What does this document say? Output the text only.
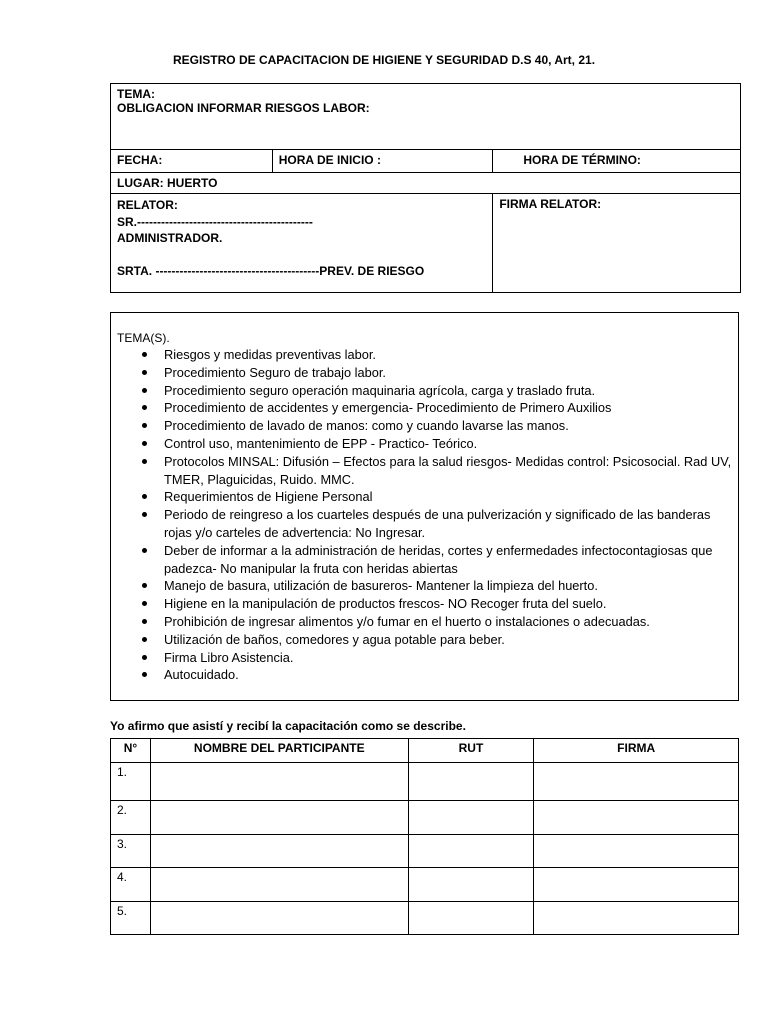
REGISTRO DE CAPACITACION DE HIGIENE Y SEGURIDAD D.S 40, Art, 21.
TEMA:
OBLIGACION INFORMAR RIESGOS LABOR:		

FECHA:	HORA DE INICIO :	HORA DE TÉRMINO:
LUGAR: HUERTO		

RELATOR:
SR.--------------------------------------------
ADMINISTRADOR.
SRTA. -----------------------------------------PREV. DE RIESGO		FIRMA RELATOR:
TEMA(S).
Riesgos y medidas preventivas labor.
Procedimiento Seguro de trabajo labor.
Procedimiento seguro operación maquinaria agrícola, carga y traslado fruta.
Procedimiento de accidentes y emergencia- Procedimiento de Primero Auxilios
Procedimiento de lavado de manos: como y cuando lavarse las manos.
Control uso, mantenimiento de EPP - Practico- Teórico.
Protocolos MINSAL: Difusión – Efectos para la salud riesgos- Medidas control: Psicosocial. Rad UV, TMER, Plaguicidas, Ruido. MMC.
Requerimientos de Higiene Personal
Periodo de reingreso a los cuarteles después de una pulverización y significado de las banderas rojas y/o carteles de advertencia: No Ingresar.
Deber de informar a la administración de heridas, cortes y enfermedades infectocontagiosas que padezca- No manipular la fruta con heridas abiertas
Manejo de basura, utilización de basureros- Mantener la limpieza del huerto.
Higiene en la manipulación de productos frescos- NO Recoger fruta del suelo.
Prohibición de ingresar alimentos y/o fumar en el huerto o instalaciones o adecuadas.
Utilización de baños, comedores y agua potable para beber.
Firma Libro Asistencia.
Autocuidado.
Yo afirmo que asistí y recibí la capacitación como se describe.
N°	NOMBRE DEL PARTICIPANTE	RUT	FIRMA
1.			
2.			
3.			
4.			
5.			
